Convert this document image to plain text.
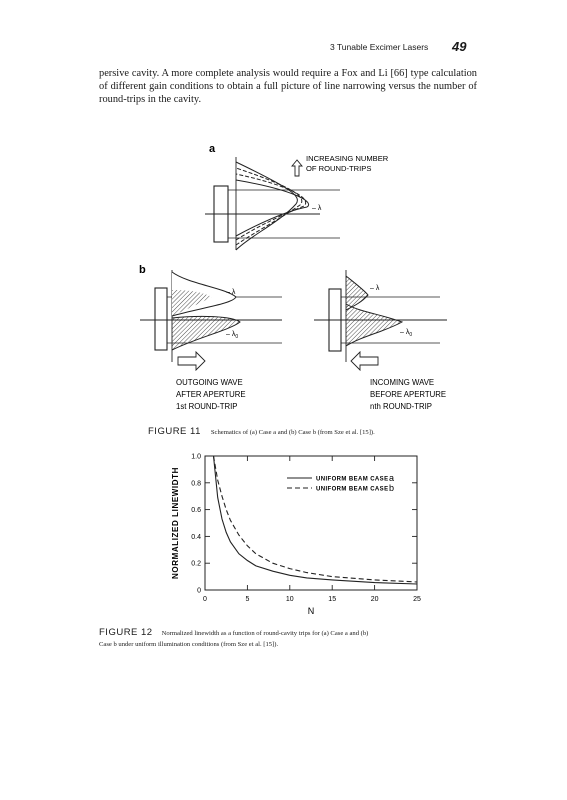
3 Tunable Excimer Lasers 49
persive cavity. A more complete analysis would require a Fox and Li [66] type calculation of different gain conditions to obtain a full picture of line narrowing versus the number of round-trips in the cavity.
a
– λ
INCREASING NUMBER
OF ROUND-TRIPS
b
– λ
– $\lambda_0$
– λ
– $\lambda_0$
OUTGOING WAVE
AFTER APERTURE
1st ROUND-TRIP
INCOMING WAVE
BEFORE APERTURE
nth ROUND-TRIP
FIGURE 11 Schematics of (a) Case a and (b) Case b (from Sze et al. [15]).
0	5	10	15	20	25
0
0.2
0.4
0.6
0.8
1.0
N
NORMALIZED LINEWIDTH	UNIFORM BEAM CASE a
UNIFORM BEAM CASE b
FIGURE 12 Normalized linewidth as a function of round-cavity trips for (a) Case a and (b)
Case b under uniform illumination conditions (from Sze et al. [15]).
